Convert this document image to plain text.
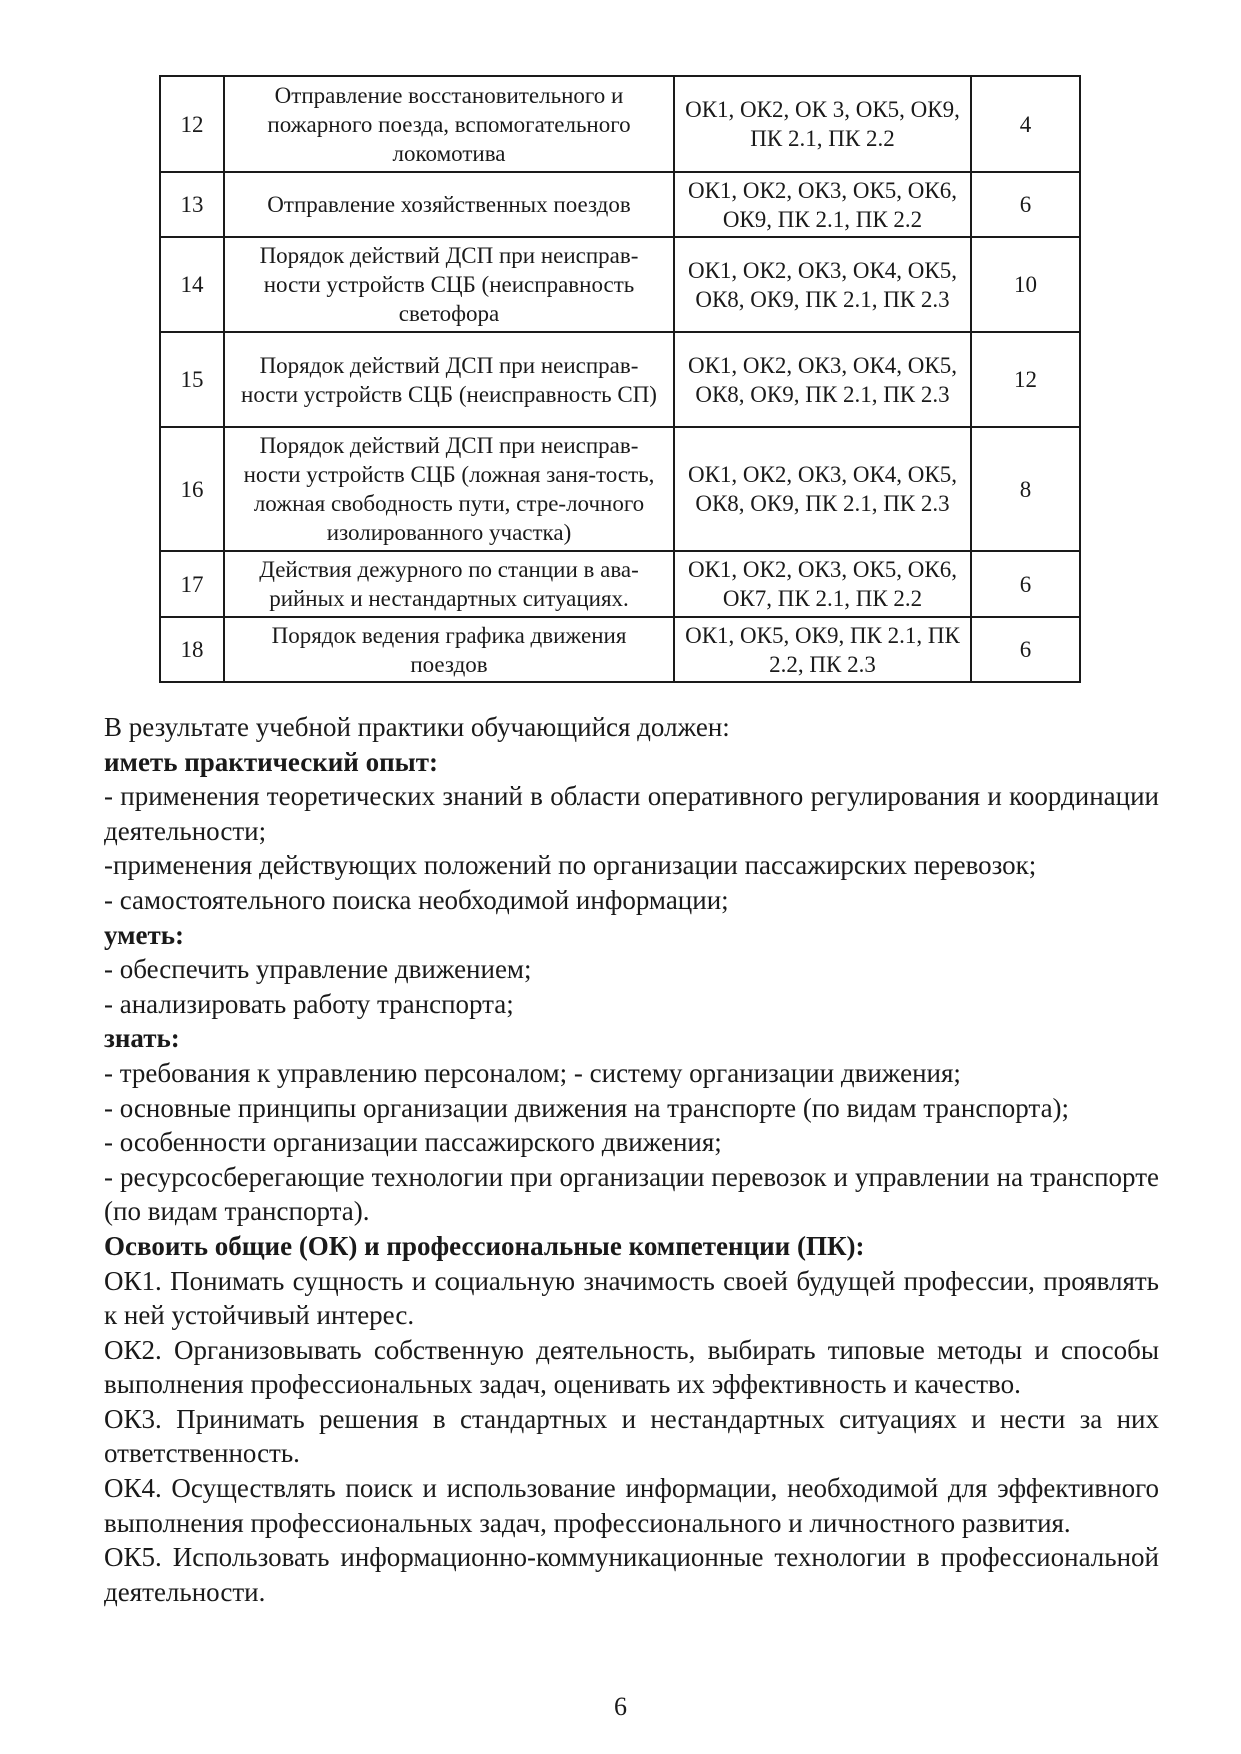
12	Отправление восстановительного и пожарного поезда, вспомогательного локомотива	ОК1, ОК2, ОК 3, ОК5, ОК9, ПК 2.1, ПК 2.2	4
13	Отправление хозяйственных поездов	ОК1, ОК2, ОК3, ОК5, ОК6, ОК9, ПК 2.1, ПК 2.2	6
14	Порядок действий ДСП при неисправ-ности устройств СЦБ (неисправность светофора	ОК1, ОК2, ОК3, ОК4, ОК5, ОК8, ОК9, ПК 2.1, ПК 2.3	10
15	Порядок действий ДСП при неисправ-ности устройств СЦБ (неисправность СП)	ОК1, ОК2, ОК3, ОК4, ОК5, ОК8, ОК9, ПК 2.1, ПК 2.3	12
16	Порядок действий ДСП при неисправ-ности устройств СЦБ (ложная заня-тость, ложная свободность пути, стре-лочного изолированного участка)	ОК1, ОК2, ОК3, ОК4, ОК5, ОК8, ОК9, ПК 2.1, ПК 2.3	8
17	Действия дежурного по станции в ава-рийных и нестандартных ситуациях.	ОК1, ОК2, ОК3, ОК5, ОК6, ОК7, ПК 2.1, ПК 2.2	6
18	Порядок ведения графика движения поездов	ОК1, ОК5, ОК9, ПК 2.1, ПК 2.2, ПК 2.3	6

В результате учебной практики обучающийся должен:

иметь практический опыт:

- применения теоретических знаний в области оперативного регулирования и координации деятельности;

-применения действующих положений по организации пассажирских перевозок;

- самостоятельного поиска необходимой информации;

уметь:

- обеспечить управление движением;

- анализировать работу транспорта;

знать:

- требования к управлению персоналом; - систему организации движения;

- основные принципы организации движения на транспорте (по видам транспорта);

- особенности организации пассажирского движения;

- ресурсосберегающие технологии при организации перевозок и управлении на транспорте (по видам транспорта).

Освоить общие (ОК) и профессиональные компетенции (ПК):

ОК1. Понимать сущность и социальную значимость своей будущей профессии, проявлять к ней устойчивый интерес.

ОК2. Организовывать собственную деятельность, выбирать типовые методы и способы выполнения профессиональных задач, оценивать их эффективность и качество.

ОК3. Принимать решения в стандартных и нестандартных ситуациях и нести за них ответственность.

ОК4. Осуществлять поиск и использование информации, необходимой для эффективного выполнения профессиональных задач, профессионального и личностного развития.

ОК5. Использовать информационно-коммуникационные технологии в профессиональной деятельности.

6
